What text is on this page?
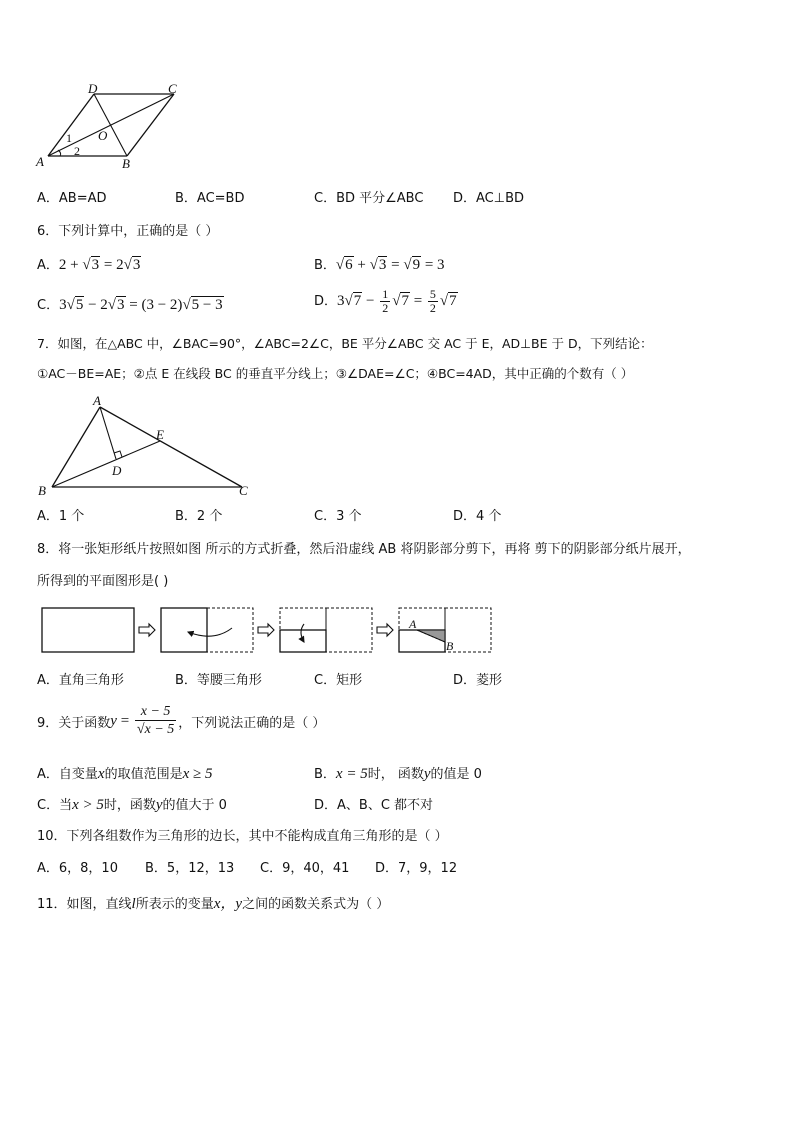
A	B
C
D
O
1
2
A．AB=AD	B．AC=BD	C．BD 平分∠ABC D．AC⊥BD
6．下列计算中，正确的是（ ）
A．2 + √3 = 2√3	B．√6 + √3 = √9 = 3
C．3√5 − 2√3 = (3 − 2)√5 − 3	D．$3√7 - \frac{1}{2} √7 = \frac{5}{2} √7$
7．如图，在△ABC 中，∠BAC=90°，∠ABC=2∠C，BE 平分∠ABC 交 AC 于 E，AD⊥BE 于 D，下列结论：
①AC－BE=AE；②点 E 在线段 BC 的垂直平分线上；③∠DAE=∠C；④BC=4AD，其中正确的个数有（ ）
A
B	C
D
E
A．1 个	B．2 个	C．3 个	D．4 个
8．将一张矩形纸片按照如图 所示的方式折叠，然后沿虚线 AB 将阴影部分剪下，再将 剪下的阴影部分纸片展开，
所得到的平面图形是( )
A
B
A．直角三角形	B．等腰三角形	C．矩形	D．菱形
9．关于函数$y = \frac{x - 5}{√x - 5}$ ，下列说法正确的是（ ）
A．自变量x的取值范围是x ≥ 5	B．x = 5时， 函数y的值是 0
C．当x > 5时，函数y的值大于 0	D．A、B、C 都不对
10．下列各组数作为三角形的边长，其中不能构成直角三角形的是（ ）
A．6，8，10 B．5，12，13 C．9，40，41 D．7，9，12
11．如图，直线l所表示的变量x，y之间的函数关系式为（ ）
